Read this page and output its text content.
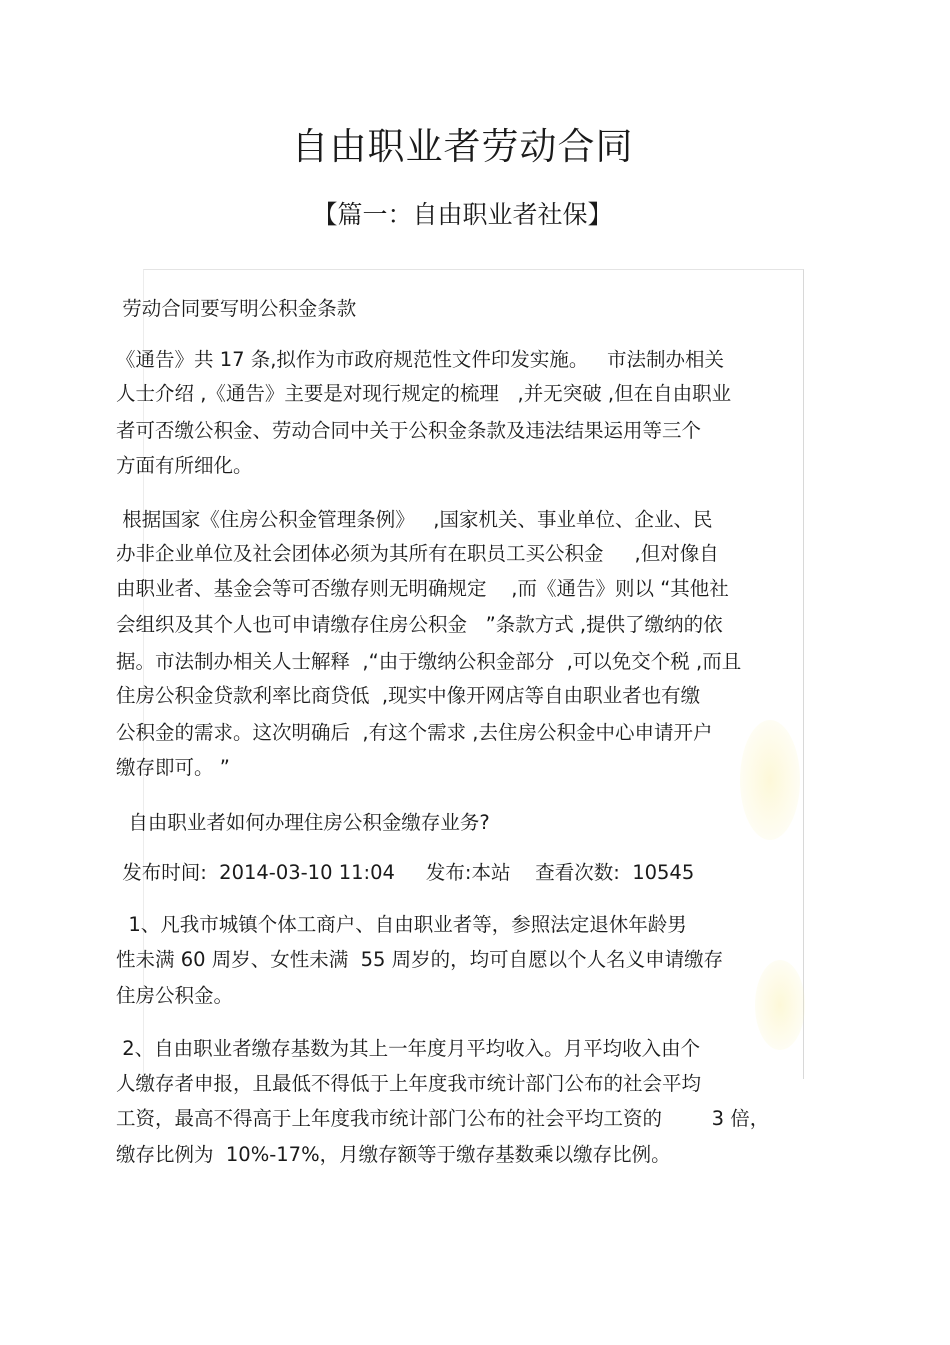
自由职业者劳动合同
【篇一：自由职业者社保】
劳动合同要写明公积金条款
《通告》共 17 条,拟作为市政府规范性文件印发实施。   市法制办相关
人士介绍 ,《通告》主要是对现行规定的梳理   ,并无突破 ,但在自由职业
者可否缴公积金、劳动合同中关于公积金条款及违法结果运用等三个
方面有所细化。
根据国家《住房公积金管理条例》   ,国家机关、事业单位、企业、民
办非企业单位及社会团体必须为其所有在职员工买公积金     ,但对像自
由职业者、基金会等可否缴存则无明确规定    ,而《通告》则以 “其他社
会组织及其个人也可申请缴存住房公积金   ”条款方式 ,提供了缴纳的依
据。市法制办相关人士解释  ,“由于缴纳公积金部分  ,可以免交个税 ,而且
住房公积金贷款利率比商贷低  ,现实中像开网店等自由职业者也有缴
公积金的需求。这次明确后  ,有这个需求 ,去住房公积金中心申请开户
缴存即可。 ”
自由职业者如何办理住房公积金缴存业务?
发布时间:  2014-03-10 11:04     发布:本站    查看次数:  10545
1、凡我市城镇个体工商户、自由职业者等，参照法定退休年龄男
性未满 60 周岁、女性未满  55 周岁的，均可自愿以个人名义申请缴存
住房公积金。
2、自由职业者缴存基数为其上一年度月平均收入。月平均收入由个
人缴存者申报，且最低不得低于上年度我市统计部门公布的社会平均
工资，最高不得高于上年度我市统计部门公布的社会平均工资的        3 倍，
缴存比例为  10%-17%，月缴存额等于缴存基数乘以缴存比例。
